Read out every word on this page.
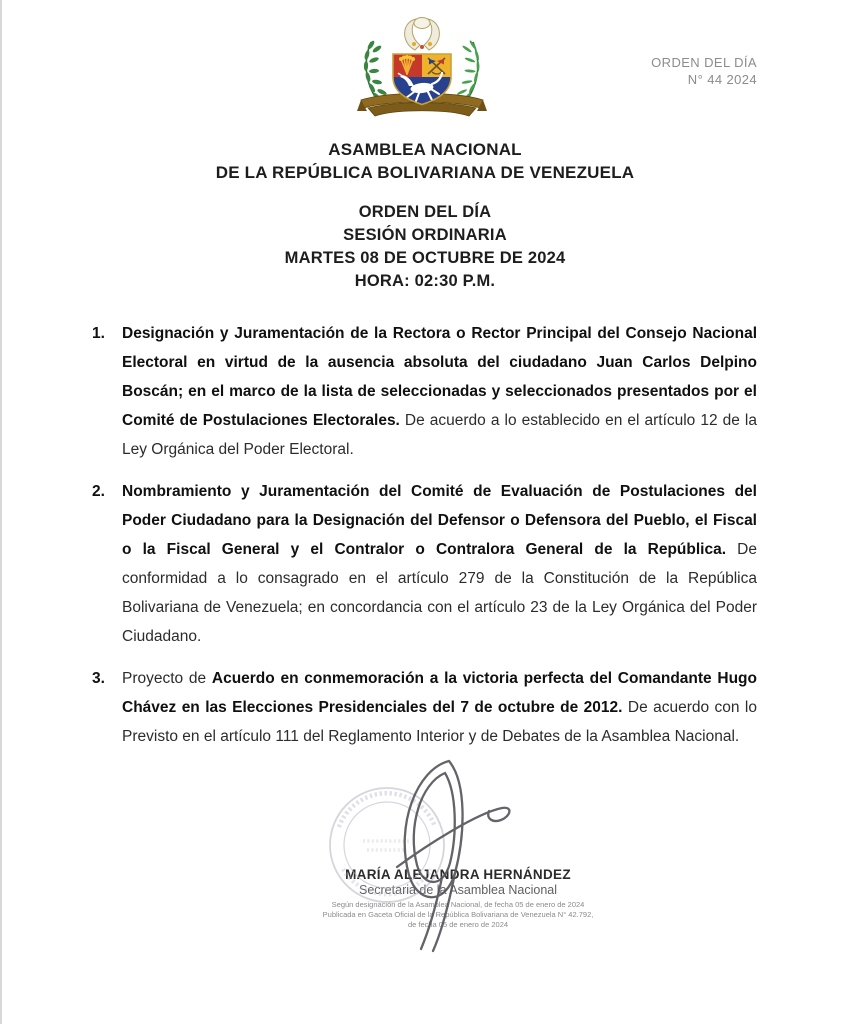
ORDEN DEL DÍA
N° 44 2024
ASAMBLEA NACIONAL
DE LA REPÚBLICA BOLIVARIANA DE VENEZUELA
ORDEN DEL DÍA
SESIÓN ORDINARIA
MARTES 08 DE OCTUBRE DE 2024
HORA: 02:30 P.M.
1. Designación y Juramentación de la Rectora o Rector Principal del Consejo Nacional Electoral en virtud de la ausencia absoluta del ciudadano Juan Carlos Delpino Boscán; en el marco de la lista de seleccionadas y seleccionados presentados por el Comité de Postulaciones Electorales. De acuerdo a lo establecido en el artículo 12 de la Ley Orgánica del Poder Electoral.

2. Nombramiento y Juramentación del Comité de Evaluación de Postulaciones del Poder Ciudadano para la Designación del Defensor o Defensora del Pueblo, el Fiscal o la Fiscal General y el Contralor o Contralora General de la República. De conformidad a lo consagrado en el artículo 279 de la Constitución de la República Bolivariana de Venezuela; en concordancia con el artículo 23 de la Ley Orgánica del Poder Ciudadano.

3. Proyecto de Acuerdo en conmemoración a la victoria perfecta del Comandante Hugo Chávez en las Elecciones Presidenciales del 7 de octubre de 2012. De acuerdo con lo Previsto en el artículo 111 del Reglamento Interior y de Debates de la Asamblea Nacional.

MARÍA ALEJANDRA HERNÁNDEZ
Secretaria de la Asamblea Nacional
Según designación de la Asamblea Nacional, de fecha 05 de enero de 2024
Publicada en Gaceta Oficial de la República Bolivariana de Venezuela N° 42.792,
de fecha 05 de enero de 2024
